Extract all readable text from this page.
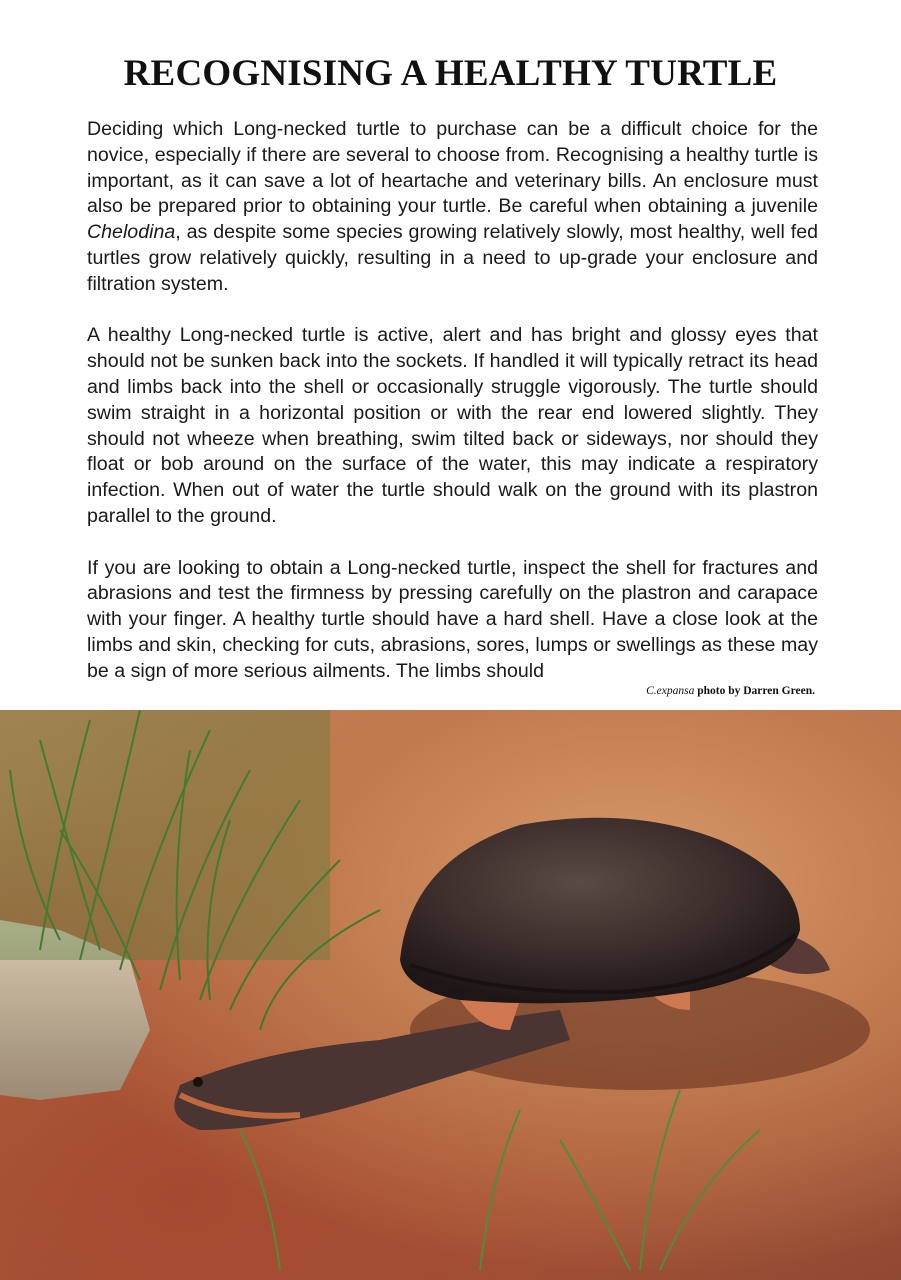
RECOGNISING A HEALTHY TURTLE

Deciding which Long-necked turtle to purchase can be a difficult choice for the novice, especially if there are several to choose from. Recognising a healthy turtle is important, as it can save a lot of heartache and veterinary bills. An enclosure must also be prepared prior to obtaining your turtle. Be careful when obtaining a juvenile Chelodina, as despite some species growing relatively slowly, most healthy, well fed turtles grow relatively quickly, resulting in a need to up-grade your enclosure and filtration system.

A healthy Long-necked turtle is active, alert and has bright and glossy eyes that should not be sunken back into the sockets. If handled it will typically retract its head and limbs back into the shell or occasionally struggle vigorously. The turtle should swim straight in a horizontal position or with the rear end lowered slightly. They should not wheeze when breathing, swim tilted back or sideways, nor should they float or bob around on the surface of the water, this may indicate a respiratory infection. When out of water the turtle should walk on the ground with its plastron parallel to the ground.

If you are looking to obtain a Long-necked turtle, inspect the shell for fractures and abrasions and test the firmness by pressing carefully on the plastron and carapace with your finger. A healthy turtle should have a hard shell. Have a close look at the limbs and skin, checking for cuts, abrasions, sores, lumps or swellings as these may be a sign of more serious ailments. The limbs should

C.expansa photo by Darren Green.
